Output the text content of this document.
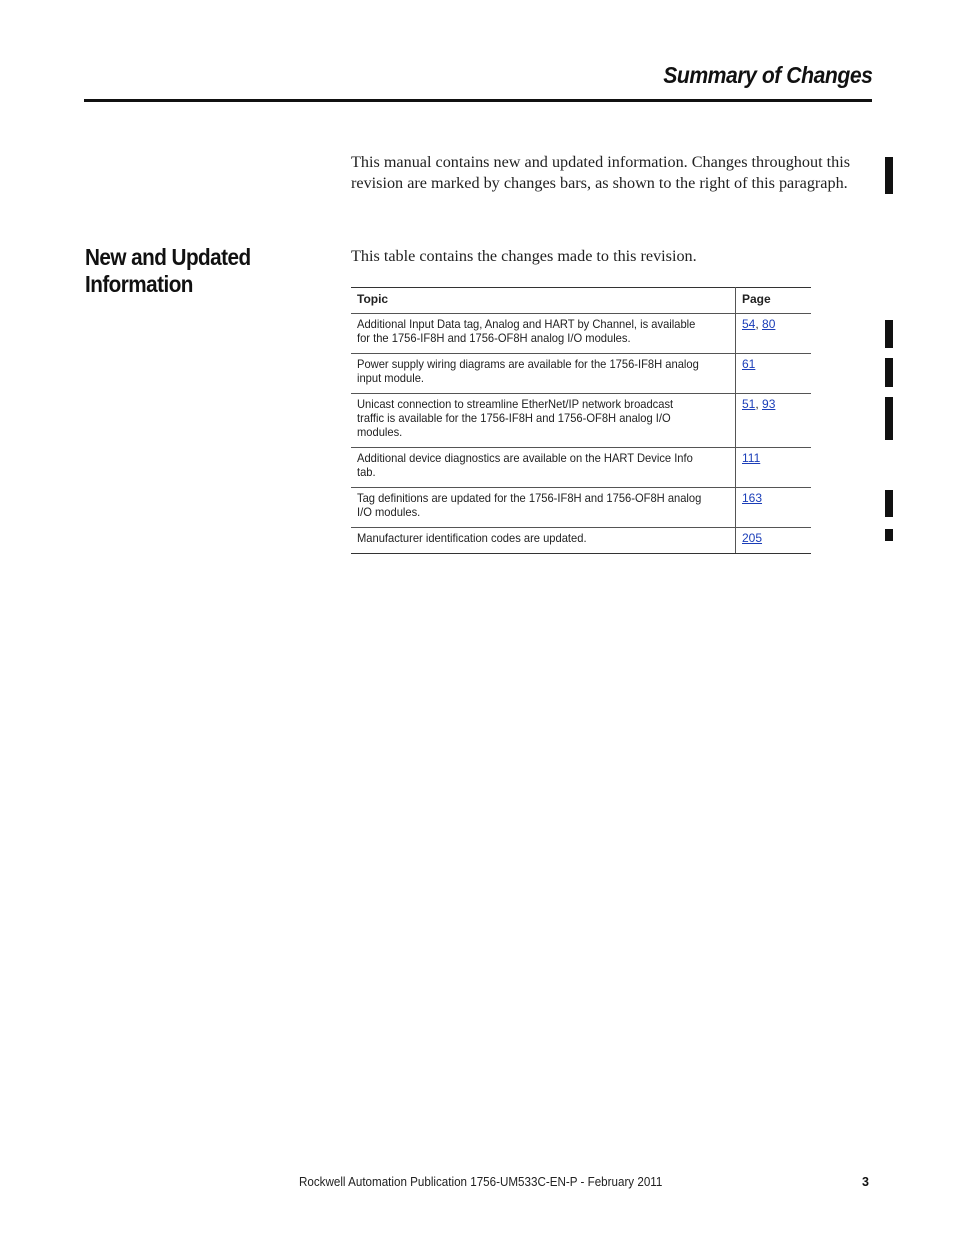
Summary of Changes

This manual contains new and updated information. Changes throughout this revision are marked by changes bars, as shown to the right of this paragraph.

New and Updated
Information

This table contains the changes made to this revision.

Topic	Page

Additional Input Data tag, Analog and HART by Channel, is available for the 1756-IF8H and 1756-OF8H analog I/O modules.	54, 80

Power supply wiring diagrams are available for the 1756-IF8H analog input module.	61

Unicast connection to streamline EtherNet/IP network broadcast traffic is available for the 1756-IF8H and 1756-OF8H analog I/O modules.	51, 93

Additional device diagnostics are available on the HART Device Info tab.	111

Tag definitions are updated for the 1756-IF8H and 1756-OF8H analog I/O modules.	163

Manufacturer identification codes are updated.	205
Rockwell Automation Publication 1756-UM533C-EN-P - February 2011	3
